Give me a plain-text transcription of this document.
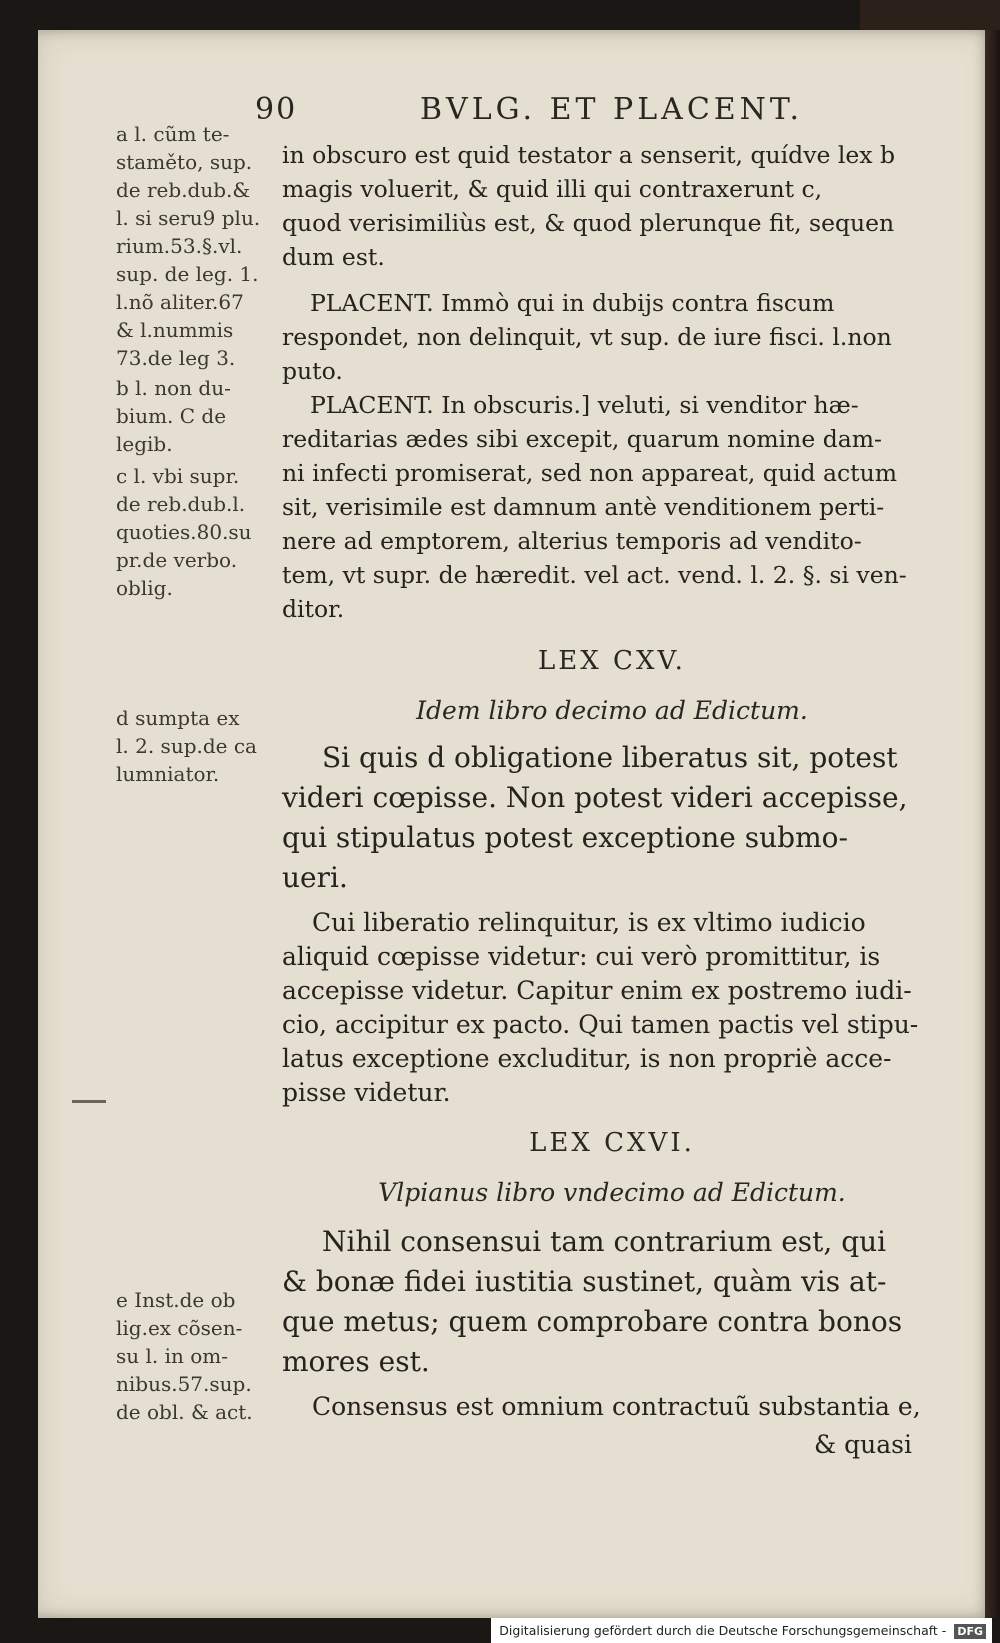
90	BVLG. ET PLACENT.
a l. cũm te-
staměto, sup.
de reb.dub.&
l. si seru9 plu.
rium.53.§.vl.
sup. de leg. 1.
l.nõ aliter.67
& l.nummis
73.de leg 3.
b l. non du-
bium. C de
legib.
c l. vbi supr.
de reb.dub.l.
quoties.80.su
pr.de verbo.
oblig.
d sumpta ex
l. 2. sup.de ca
lumniator.
e Inst.de ob
lig.ex cõsen-
su l. in om-
nibus.57.sup.
de obl. & act.
in obscuro est quid testator a senserit, quídve lex b
magis voluerit, & quid illi qui contraxerunt c,
quod verisimiliùs est, & quod plerunque fit, sequen
dum est.
PLACENT. Immò qui in dubijs contra fiscum
respondet, non delinquit, vt sup. de iure fisci. l.non
puto.
PLACENT. In obscuris.] veluti, si venditor hæ-
reditarias ædes sibi excepit, quarum nomine dam-
ni infecti promiserat, sed non appareat, quid actum
sit, verisimile est damnum antè venditionem perti-
nere ad emptorem, alterius temporis ad vendito-
tem, vt supr. de hæredit. vel act. vend. l. 2. §. si ven-
ditor.
LEX CXV.
Idem libro decimo ad Edictum.
Si quis d obligatione liberatus sit, potest
videri cœpisse. Non potest videri accepisse,
qui stipulatus potest exceptione submo-
ueri.
Cui liberatio relinquitur, is ex vltimo iudicio
aliquid cœpisse videtur: cui verò promittitur, is
accepisse videtur. Capitur enim ex postremo iudi-
cio, accipitur ex pacto. Qui tamen pactis vel stipu-
latus exceptione excluditur, is non propriè acce-
pisse videtur.
LEX CXVI.
Vlpianus libro vndecimo ad Edictum.
Nihil consensui tam contrarium est, qui
& bonæ fidei iustitia sustinet, quàm vis at-
que metus; quem comprobare contra bonos
mores est.
Consensus est omnium contractuũ substantia e,
& quasi
Digitalisierung gefördert durch die Deutsche Forschungsgemeinschaft - DFG
